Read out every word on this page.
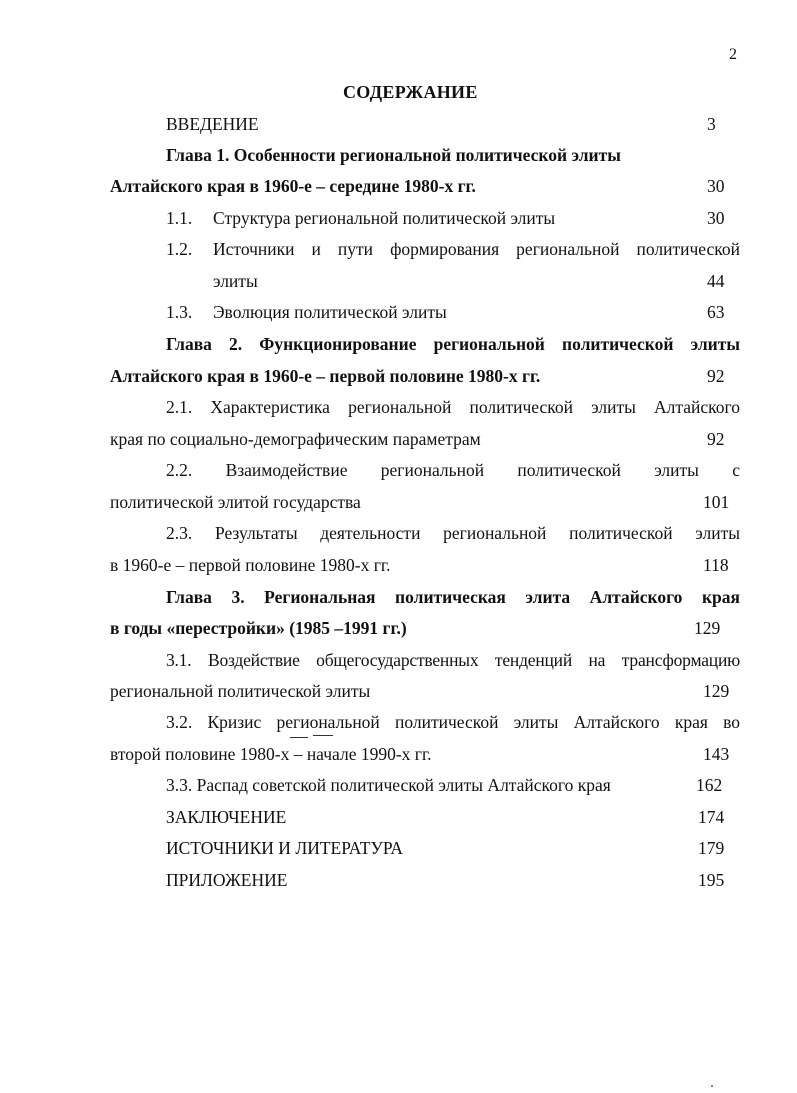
2
СОДЕРЖАНИЕ
ВВЕДЕНИЕ	3
Глава 1. Особенности региональной политической элиты
Алтайского края в 1960-е – середине 1980-х гг.	30
1.1. Структура региональной политической элиты	30
1.2. Источники и пути формирования региональной политической
элиты	44
1.3. Эволюция политической элиты	63
Глава 2. Функционирование региональной политической элиты
Алтайского края в 1960-е – первой половине 1980-х гг.	92
2.1. Характеристика региональной политической элиты Алтайского
края по социально-демографическим параметрам	92
2.2. Взаимодействие региональной политической элиты с
политической элитой государства	101
2.3. Результаты деятельности региональной политической элиты
в 1960-е – первой половине 1980-х гг.	118
Глава 3. Региональная политическая элита Алтайского края
в годы «перестройки» (1985 –1991 гг.)	129
3.1. Воздействие общегосударственных тенденций на трансформацию
региональной политической элиты	129
3.2. Кризис региональной политической элиты Алтайского края во
второй половине 1980-х – начале 1990-х гг.	143
3.3. Распад советской политической элиты Алтайского края	162
ЗАКЛЮЧЕНИЕ	174
ИСТОЧНИКИ И ЛИТЕРАТУРА	179
ПРИЛОЖЕНИЕ	195
